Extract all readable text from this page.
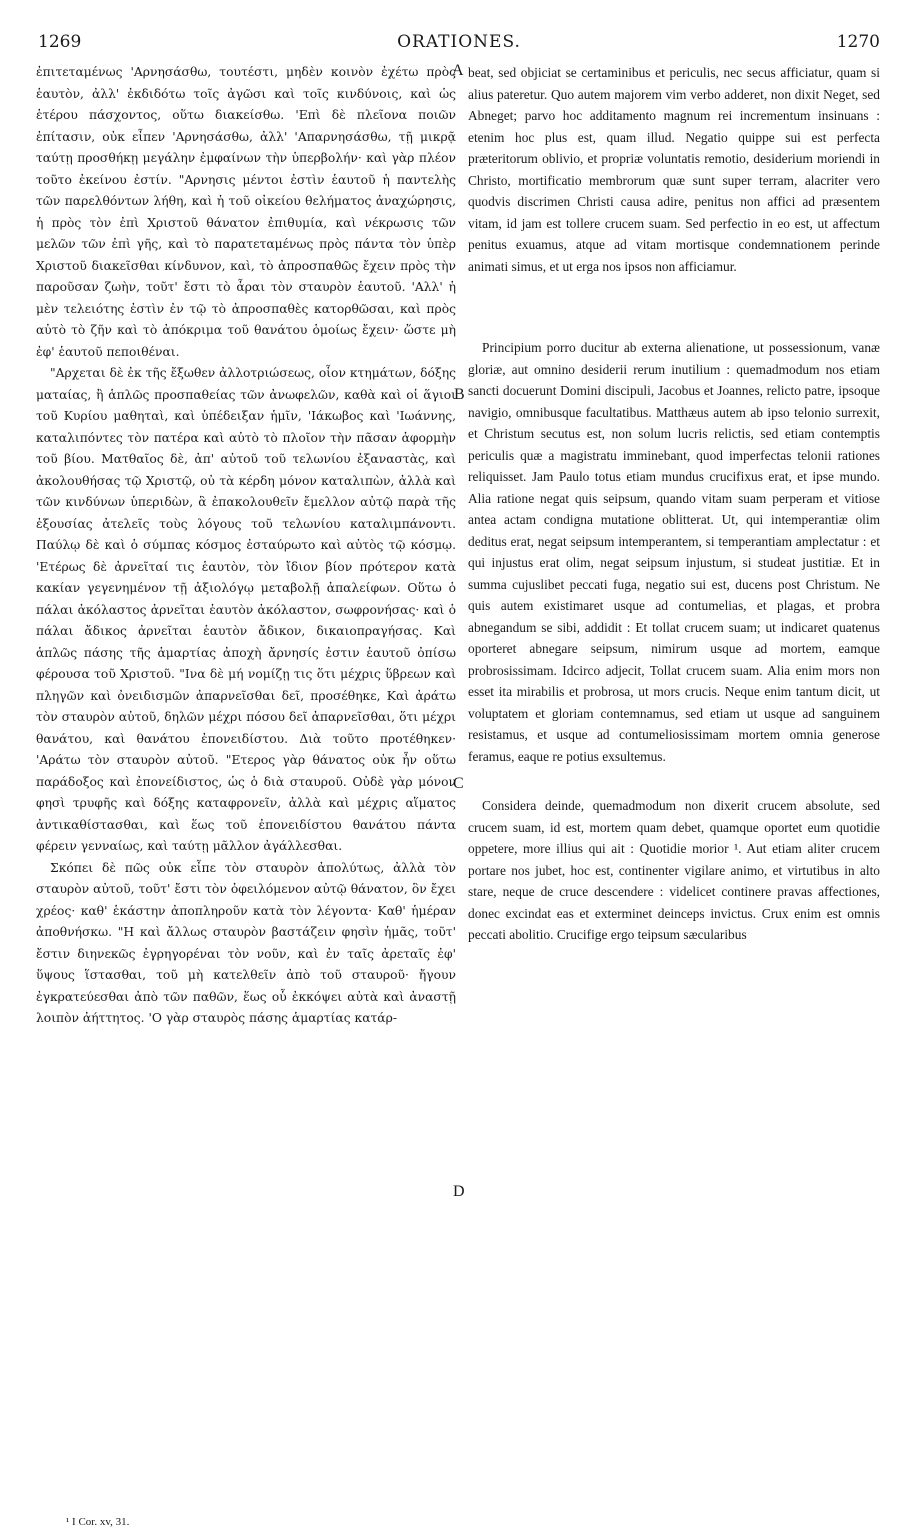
1269	ORATIONES.	1270

ἐπιτεταμένως 'Αρνησάσθω, τουτέστι, μηδὲν κοινὸν ἐχέτω πρὸς ἑαυτὸν, ἀλλ' ἐκδιδότω τοῖς ἀγῶσι καὶ τοῖς κινδύνοις, καὶ ὡς ἑτέρου πάσχοντος, οὕτω διακείσθω. 'Επὶ δὲ πλεῖονα ποιῶν ἐπίτασιν, οὐκ εἶπεν 'Αρνησάσθω, ἀλλ' 'Απαρνησάσθω, τῇ μικρᾷ ταύτῃ προσθήκῃ μεγάλην ἐμφαίνων τὴν ὑπερβολήν· καὶ γὰρ πλέον τοῦτο ἐκείνου ἐστίν. "Αρνησις μέντοι ἐστὶν ἑαυτοῦ ἡ παντελὴς τῶν παρελθόντων λήθη, καὶ ἡ τοῦ οἰκείου θελήματος ἀναχώρησις, ἡ πρὸς τὸν ἐπὶ Χριστοῦ θάνατον ἐπιθυμία, καὶ νέκρωσις τῶν μελῶν τῶν ἐπὶ γῆς, καὶ τὸ παρατεταμένως πρὸς πάντα τὸν ὑπὲρ Χριστοῦ διακεῖσθαι κίνδυνον, καὶ, τὸ ἀπροσπαθῶς ἔχειν πρὸς τὴν παροῦσαν ζωὴν, τοῦτ' ἔστι τὸ ἆραι τὸν σταυρὸν ἑαυτοῦ. 'Αλλ' ἡ μὲν τελειότης ἐστὶν ἐν τῷ τὸ ἀπροσπαθὲς κατορθῶσαι, καὶ πρὸς αὐτὸ τὸ ζῆν καὶ τὸ ἀπόκριμα τοῦ θανάτου ὁμοίως ἔχειν· ὥστε μὴ ἐφ' ἑαυτοῦ πεποιθέναι.

"Αρχεται δὲ ἐκ τῆς ἔξωθεν ἀλλοτριώσεως, οἷον κτημάτων, δόξης ματαίας, ἢ ἁπλῶς προσπαθείας τῶν ἀνωφελῶν, καθὰ καὶ οἱ ἅγιοι τοῦ Κυρίου μαθηταὶ, καὶ ὑπέδειξαν ἡμῖν, 'Ιάκωβος καὶ 'Ιωάννης, καταλιπόντες τὸν πατέρα καὶ αὐτὸ τὸ πλοῖον τὴν πᾶσαν ἀφορμὴν τοῦ βίου. Ματθαῖος δὲ, ἀπ' αὐτοῦ τοῦ τελωνίου ἐξαναστὰς, καὶ ἀκολουθήσας τῷ Χριστῷ, οὐ τὰ κέρδη μόνον καταλιπὼν, ἀλλὰ καὶ τῶν κινδύνων ὑπεριδὼν, ἃ ἐπακολουθεῖν ἔμελλον αὐτῷ παρὰ τῆς ἐξουσίας ἀτελεῖς τοὺς λόγους τοῦ τελωνίου καταλιμπάνοντι. Παύλῳ δὲ καὶ ὁ σύμπας κόσμος ἐσταύρωτο καὶ αὐτὸς τῷ κόσμῳ. 'Ετέρως δὲ ἀρνεῖταί τις ἑαυτὸν, τὸν ἴδιον βίον πρότερον κατὰ κακίαν γεγενημένον τῇ ἀξιολόγῳ μεταβολῇ ἀπαλείφων. Οὕτω ὁ πάλαι ἀκόλαστος ἀρνεῖται ἑαυτὸν ἀκόλαστον, σωφρονήσας· καὶ ὁ πάλαι ἄδικος ἀρνεῖται ἑαυτὸν ἄδικον, δικαιοπραγήσας. Καὶ ἁπλῶς πάσης τῆς ἁμαρτίας ἀποχὴ ἄρνησίς ἐστιν ἑαυτοῦ ὀπίσω φέρουσα τοῦ Χριστοῦ. "Ινα δὲ μή νομίζῃ τις ὅτι μέχρις ὕβρεων καὶ πληγῶν καὶ ὀνειδισμῶν ἀπαρνεῖσθαι δεῖ, προσέθηκε, Καὶ ἀράτω τὸν σταυρὸν αὐτοῦ, δηλῶν μέχρι πόσου δεῖ ἀπαρνεῖσθαι, ὅτι μέχρι θανάτου, καὶ θανάτου ἐπονειδίστου. Διὰ τοῦτο προτέθηκεν· 'Αράτω τὸν σταυρὸν αὐτοῦ. "Ετερος γὰρ θάνατος οὐκ ἦν οὕτω παράδοξος καὶ ἐπονείδιστος, ὡς ὁ διὰ σταυροῦ. Οὐδὲ γὰρ μόνον φησὶ τρυφῆς καὶ δόξης καταφρονεῖν, ἀλλὰ καὶ μέχρις αἵματος ἀντικαθίστασθαι, καὶ ἕως τοῦ ἐπονειδίστου θανάτου πάντα φέρειν γενναίως, καὶ ταύτῃ μᾶλλον ἀγάλλεσθαι.

Σκόπει δὲ πῶς οὐκ εἶπε τὸν σταυρὸν ἀπολύτως, ἀλλὰ τὸν σταυρὸν αὐτοῦ, τοῦτ' ἔστι τὸν ὀφειλόμενον αὐτῷ θάνατον, ὃν ἔχει χρέος· καθ' ἑκάστην ἀποπληροῦν κατὰ τὸν λέγοντα· Καθ' ἡμέραν ἀποθνήσκω. "Η καὶ ἄλλως σταυρὸν βαστάζειν φησὶν ἡμᾶς, τοῦτ' ἔστιν διηνεκῶς ἐγρηγορέναι τὸν νοῦν, καὶ ἐν ταῖς ἀρεταῖς ἐφ' ὕψους ἵστασθαι, τοῦ μὴ κατελθεῖν ἀπὸ τοῦ σταυροῦ· ἤγουν ἐγκρατεύεσθαι ἀπὸ τῶν παθῶν, ἕως οὗ ἐκκόψει αὐτὰ καὶ ἀναστῇ λοιπὸν ἀήττητος. 'Ο γὰρ σταυρὸς πάσης ἁμαρτίας κατάρ-

beat, sed objiciat se certaminibus et periculis, nec secus afficiatur, quam si alius pateretur. Quo autem majorem vim verbo adderet, non dixit Neget, sed Abneget; parvo hoc additamento magnum rei incrementum insinuans : etenim hoc plus est, quam illud. Negatio quippe sui est perfecta præteritorum oblivio, et propriæ voluntatis remotio, desiderium moriendi in Christo, mortificatio membrorum quæ sunt super terram, alacriter vero quodvis discrimen Christi causa adire, penitus non affici ad præsentem vitam, id jam est tollere crucem suam. Sed perfectio in eo est, ut affectum penitus exuamus, atque ad vitam mortisque condemnationem perinde animati simus, et ut erga nos ipsos non afficiamur.

Principium porro ducitur ab externa alienatione, ut possessionum, vanæ gloriæ, aut omnino desiderii rerum inutilium : quemadmodum nos etiam sancti docuerunt Domini discipuli, Jacobus et Joannes, relicto patre, ipsoque navigio, omnibusque facultatibus. Matthæus autem ab ipso telonio surrexit, et Christum secutus est, non solum lucris relictis, sed etiam contemptis periculis quæ a magistratu imminebant, quod imperfectas telonii rationes reliquisset. Jam Paulo totus etiam mundus crucifixus erat, et ipse mundo. Alia ratione negat quis seipsum, quando vitam suam perperam et vitiose antea actam condigna mutatione oblitterat. Ut, qui intemperantiæ olim deditus erat, negat seipsum intemperantem, si temperantiam amplectatur : et qui injustus erat olim, negat seipsum injustum, si studeat justitiæ. Et in summa cujuslibet peccati fuga, negatio sui est, ducens post Christum. Ne quis autem existimaret usque ad contumelias, et plagas, et probra abnegandum se sibi, addidit : Et tollat crucem suam; ut indicaret quatenus oporteret abnegare seipsum, nimirum usque ad mortem, eamque probrosissimam. Idcirco adjecit, Tollat crucem suam. Alia enim mors non esset ita mirabilis et probrosa, ut mors crucis. Neque enim tantum dicit, ut voluptatem et gloriam contemnamus, sed etiam ut usque ad sanguinem resistamus, et usque ad contumeliosissimam mortem omnia generose feramus, eaque re potius exsultemus.

Considera deinde, quemadmodum non dixerit crucem absolute, sed crucem suam, id est, mortem quam debet, quamque oportet eum quotidie oppetere, more illius qui ait : Quotidie morior ¹. Aut etiam aliter crucem portare nos jubet, hoc est, continenter vigilare animo, et virtutibus in alto stare, neque de cruce descendere : videlicet continere pravas affectiones, donec excindat eas et exterminet deinceps invictus. Crux enim est omnis peccati abolitio. Crucifige ergo teipsum sæcularibus

A
B
C
D
¹ I Cor. xv, 31.
